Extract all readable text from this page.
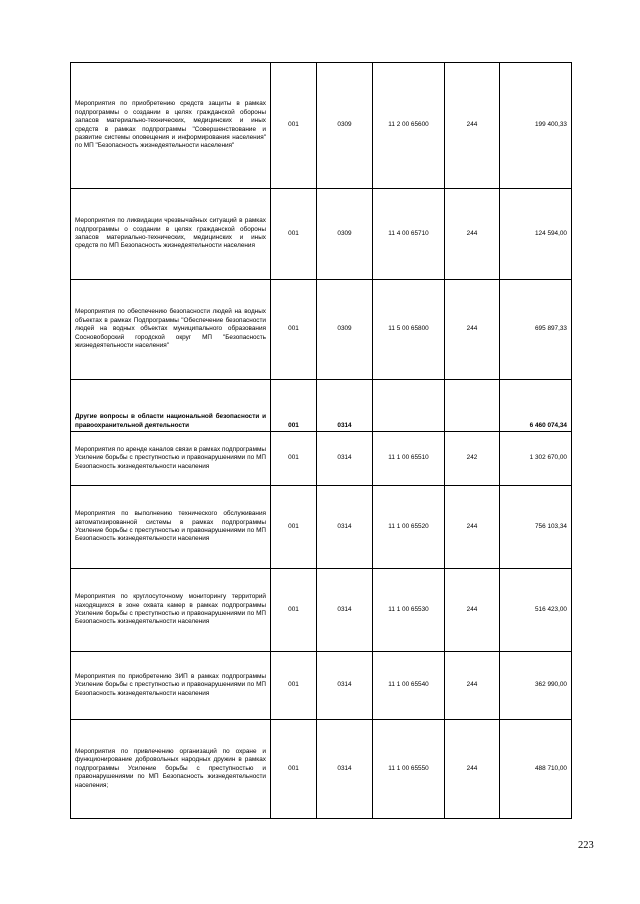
Мероприятия по приобретению средств защиты в рамках подпрограммы о создании в целях гражданской обороны запасов материально-технических, медицинских и иных средств в рамках подпрограммы "Совершенствование и развитие системы оповещения и информирования населения" по МП "Безопасность жизнедеятельности населения"	001	0309	11 2 00 65600	244	199 400,33
Мероприятия по ликвидации чрезвычайных ситуаций в рамках подпрограммы о создании в целях гражданской обороны запасов материально-технических, медицинских и иных средств по МП Безопасность жизнедеятельности населения	001	0309	11 4 00 65710	244	124 594,00
Мероприятия по обеспечению безопасности людей на водных объектах в рамках Подпрограммы "Обеспечение безопасности людей на водных объектах муниципального образования Сосновоборский городской округ МП "Безопасность жизнедеятельности населения"	001	0309	11 5 00 65800	244	695 897,33
Другие вопросы в области национальной безопасности и правоохранительной деятельности	001	0314			6 460 074,34
Мероприятия по аренде каналов связи в рамках подпрограммы Усиление борьбы с преступностью и правонарушениями по МП Безопасность жизнедеятельности населения	001	0314	11 1 00 65510	242	1 302 670,00
Мероприятия по выполнению технического обслуживания автоматизированной системы в рамках подпрограммы Усиление борьбы с преступностью и правонарушениями по МП Безопасность жизнедеятельности населения	001	0314	11 1 00 65520	244	756 103,34
Мероприятия по круглосуточному мониторингу территорий находящихся в зоне охвата камер в рамках подпрограммы Усиление борьбы с преступностью и правонарушениями по МП Безопасность жизнедеятельности населения	001	0314	11 1 00 65530	244	516 423,00
Мероприятия по приобретению ЗИП в рамках подпрограммы Усиление борьбы с преступностью и правонарушениями по МП Безопасность жизнедеятельности населения	001	0314	11 1 00 65540	244	362 990,00
Мероприятия по привлечению организаций по охране и функционирование добровольных народных дружин в рамках подпрограммы Усиление борьбы с преступностью и правонарушениями по МП Безопасность жизнедеятельности населения;	001	0314	11 1 00 65550	244	488 710,00
223
